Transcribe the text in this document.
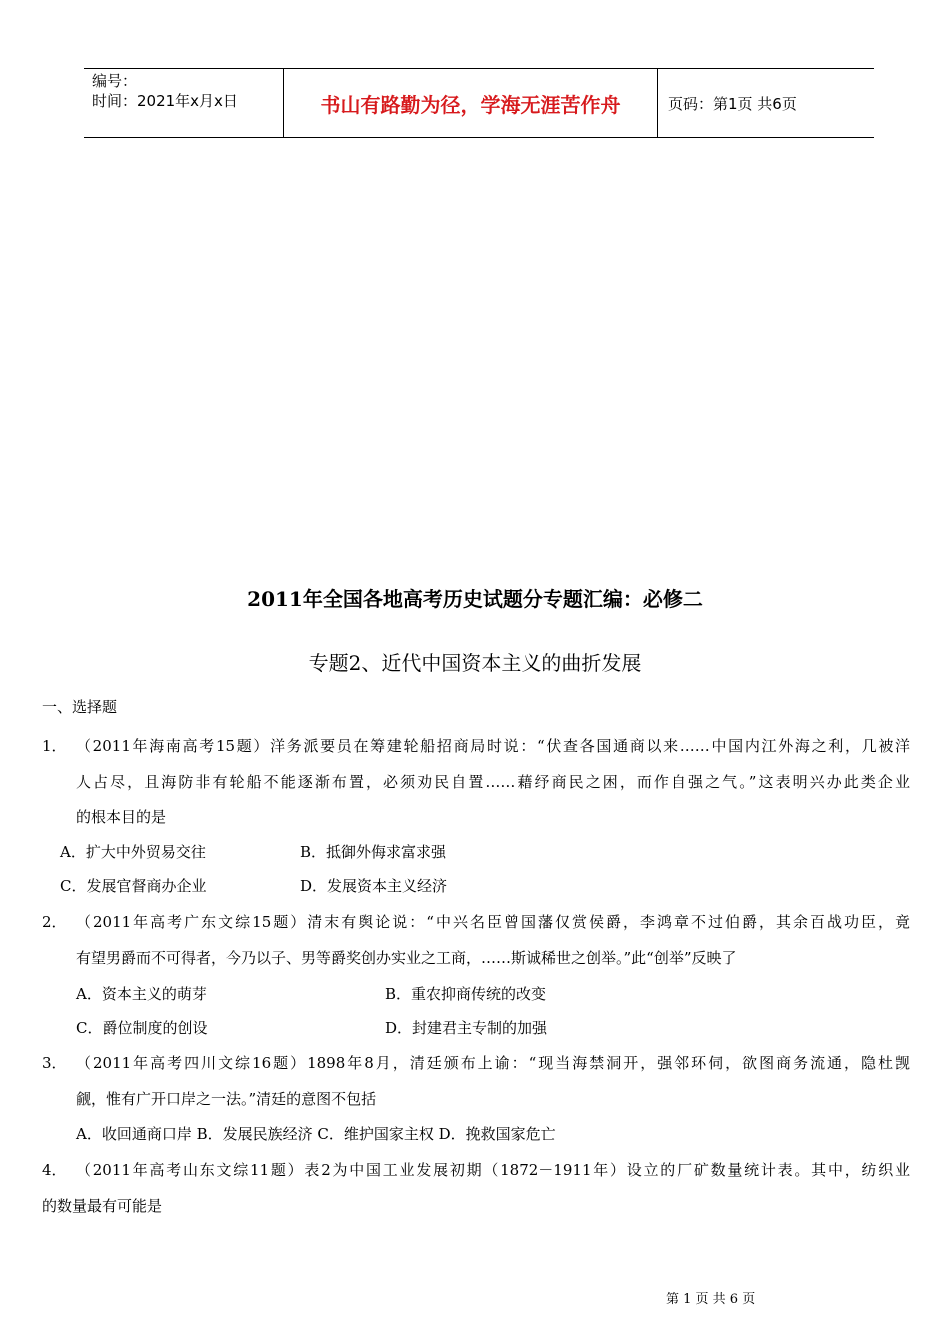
编号：
时间：2021年x月x日	书山有路勤为径，学海无涯苦作舟	页码：第1页 共6页
2011年全国各地高考历史试题分专题汇编：必修二
专题2、近代中国资本主义的曲折发展
一、选择题
1． （2011年海南高考15题）洋务派要员在筹建轮船招商局时说：“伏查各国通商以来……中国内江外海之利，几被洋
人占尽，且海防非有轮船不能逐渐布置，必须劝民自置……藉纾商民之困，而作自强之气。”这表明兴办此类企业
的根本目的是
A．扩大中外贸易交往	B．抵御外侮求富求强
C．发展官督商办企业	D．发展资本主义经济
2． （2011年高考广东文综15题）清末有舆论说：“中兴名臣曾国藩仅赏侯爵，李鸿章不过伯爵，其余百战功臣，竟
有望男爵而不可得者，今乃以子、男等爵奖创办实业之工商，……斯诚稀世之创举。”此“创举”反映了
A．资本主义的萌芽	B．重农抑商传统的改变
C．爵位制度的创设	D．封建君主专制的加强
3． （2011年高考四川文综16题）1898年8月，清廷颁布上谕：“现当海禁洞开，强邻环伺，欲图商务流通，隐杜觊
觎，惟有广开口岸之一法。”清廷的意图不包括
A．收回通商口岸 B．发展民族经济 C．维护国家主权 D．挽救国家危亡
4． （2011年高考山东文综11题）表2为中国工业发展初期（1872－1911年）设立的厂矿数量统计表。其中，纺织业
的数量最有可能是
第 1 页 共 6 页
